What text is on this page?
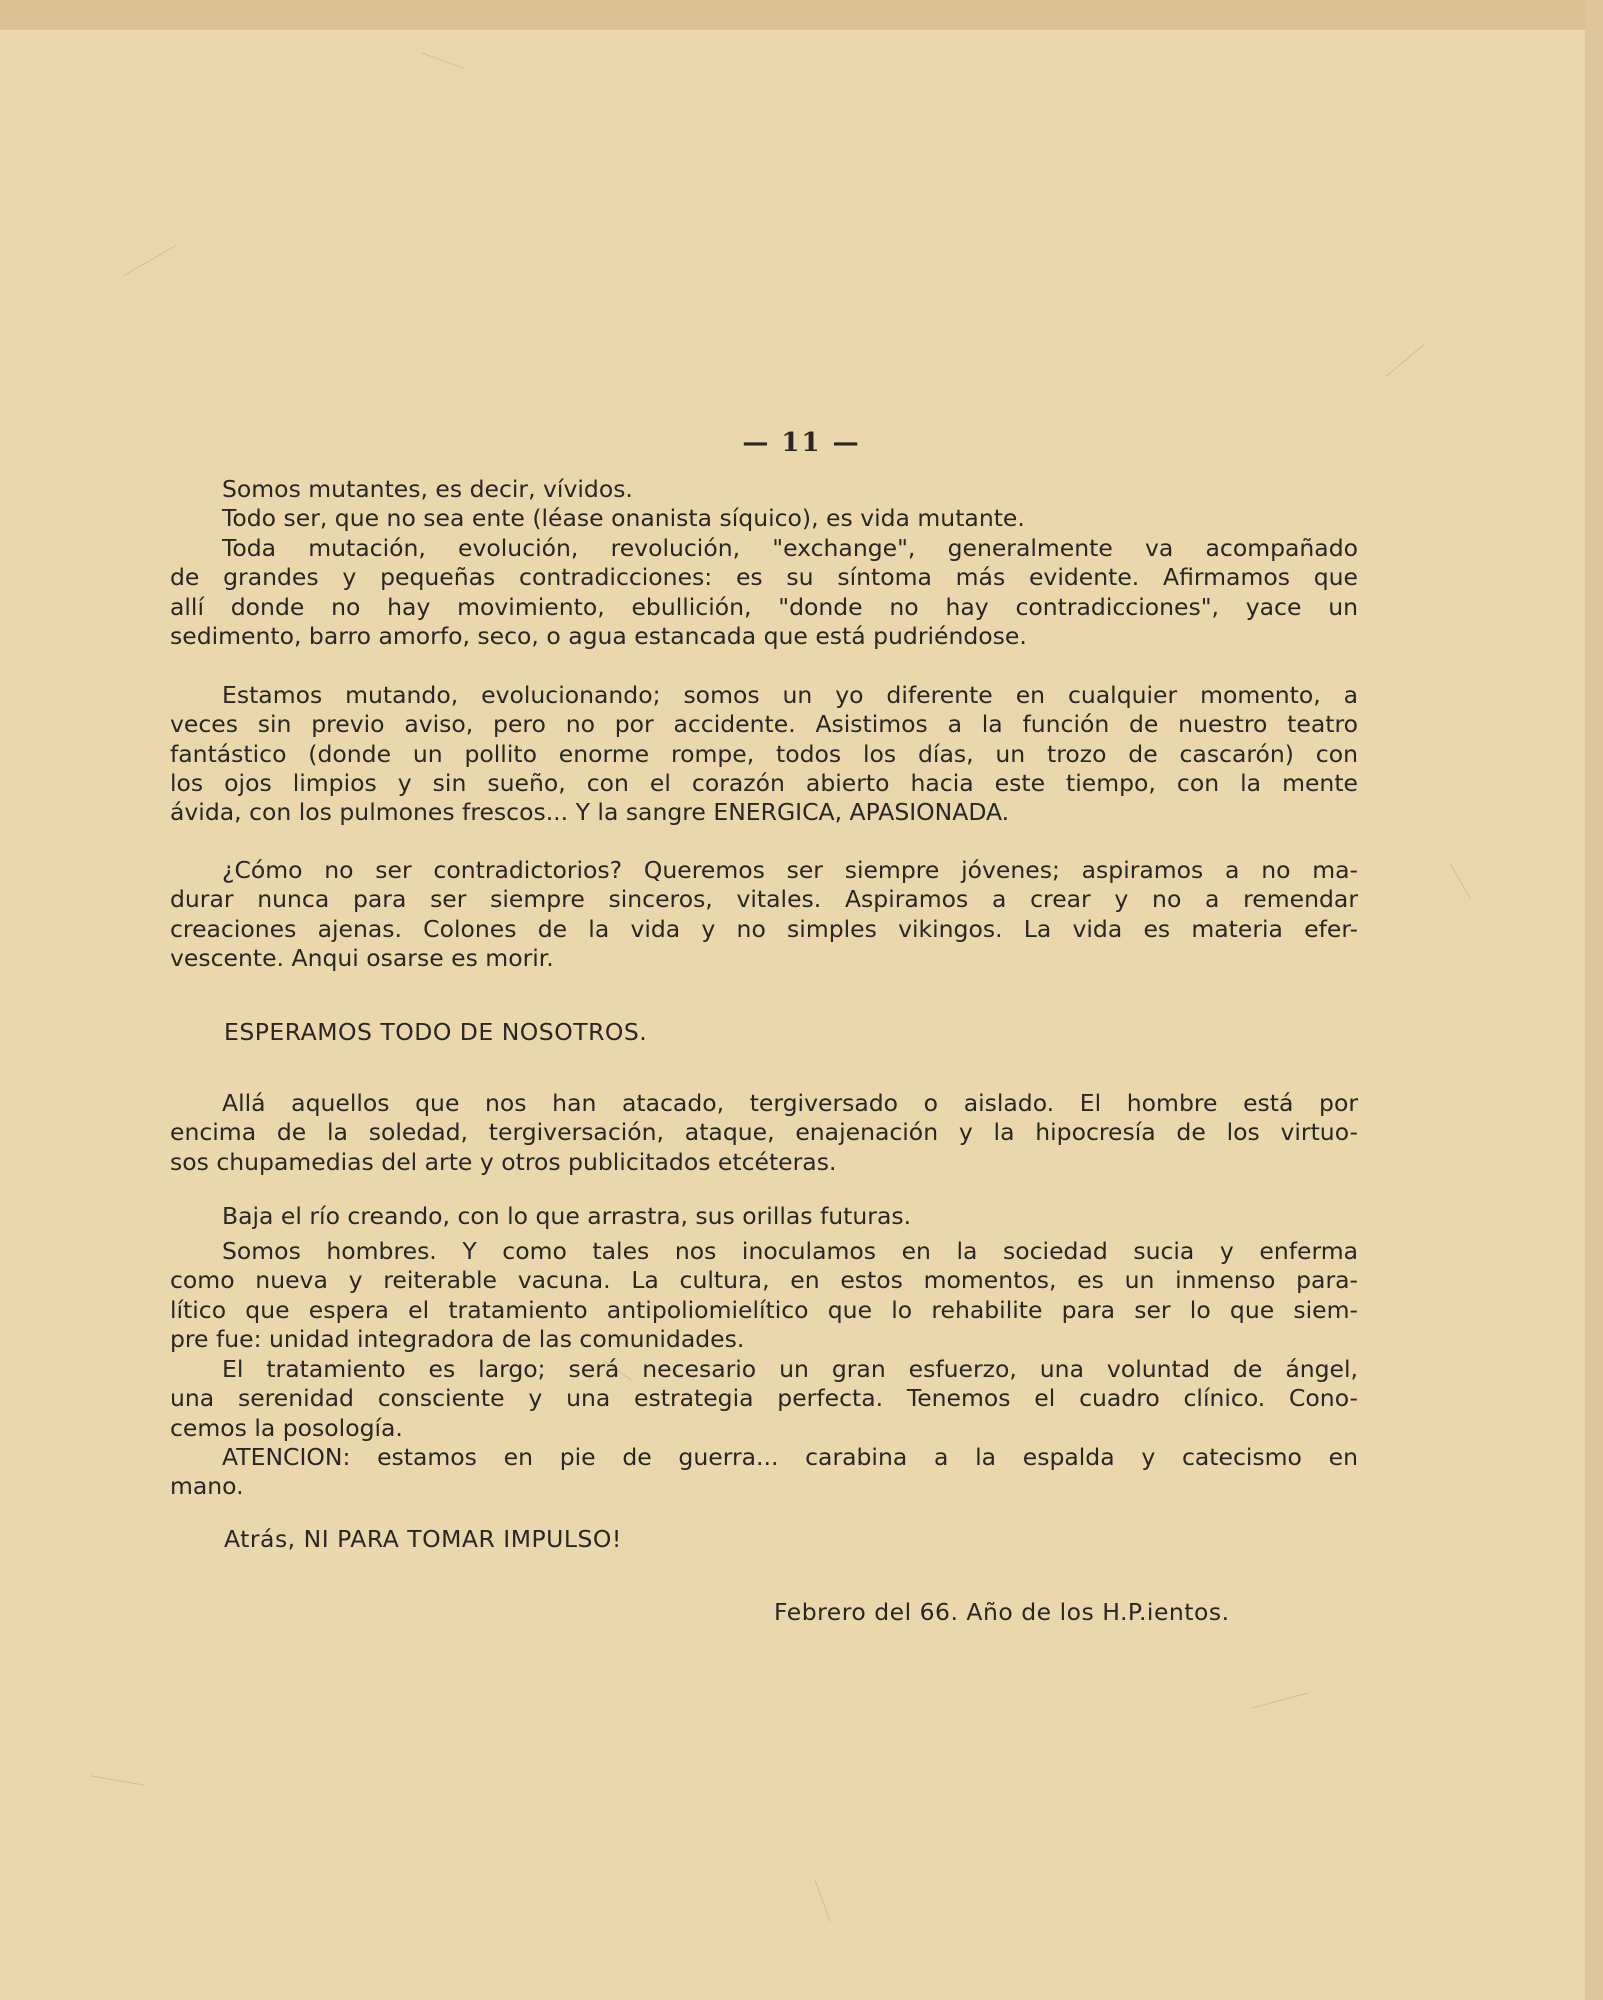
— 11 —
Somos mutantes, es decir, vívidos.
Todo ser, que no sea ente (léase onanista síquico), es vida mutante.
Toda mutación, evolución, revolución, "exchange", generalmente va acompañado
de grandes y pequeñas contradicciones: es su síntoma más evidente. Afirmamos que
allí donde no hay movimiento, ebullición, "donde no hay contradicciones", yace un
sedimento, barro amorfo, seco, o agua estancada que está pudriéndose.
Estamos mutando, evolucionando; somos un yo diferente en cualquier momento, a
veces sin previo aviso, pero no por accidente. Asistimos a la función de nuestro teatro
fantástico (donde un pollito enorme rompe, todos los días, un trozo de cascarón) con
los ojos limpios y sin sueño, con el corazón abierto hacia este tiempo, con la mente
ávida, con los pulmones frescos... Y la sangre ENERGICA, APASIONADA.
¿Cómo no ser contradictorios? Queremos ser siempre jóvenes; aspiramos a no ma-
durar nunca para ser siempre sinceros, vitales. Aspiramos a crear y no a remendar
creaciones ajenas. Colones de la vida y no simples vikingos. La vida es materia efer-
vescente. Anqui osarse es morir.
ESPERAMOS TODO DE NOSOTROS.
Allá aquellos que nos han atacado, tergiversado o aislado. El hombre está por
encima de la soledad, tergiversación, ataque, enajenación y la hipocresía de los virtuo-
sos chupamedias del arte y otros publicitados etcéteras.
Baja el río creando, con lo que arrastra, sus orillas futuras.
Somos hombres. Y como tales nos inoculamos en la sociedad sucia y enferma
como nueva y reiterable vacuna. La cultura, en estos momentos, es un inmenso para-
lítico que espera el tratamiento antipoliomielítico que lo rehabilite para ser lo que siem-
pre fue: unidad integradora de las comunidades.
El tratamiento es largo; será necesario un gran esfuerzo, una voluntad de ángel,
una serenidad consciente y una estrategia perfecta. Tenemos el cuadro clínico. Cono-
cemos la posología.
ATENCION: estamos en pie de guerra... carabina a la espalda y catecismo en
mano.
Atrás, NI PARA TOMAR IMPULSO!
Febrero del 66. Año de los H.P.ientos.
